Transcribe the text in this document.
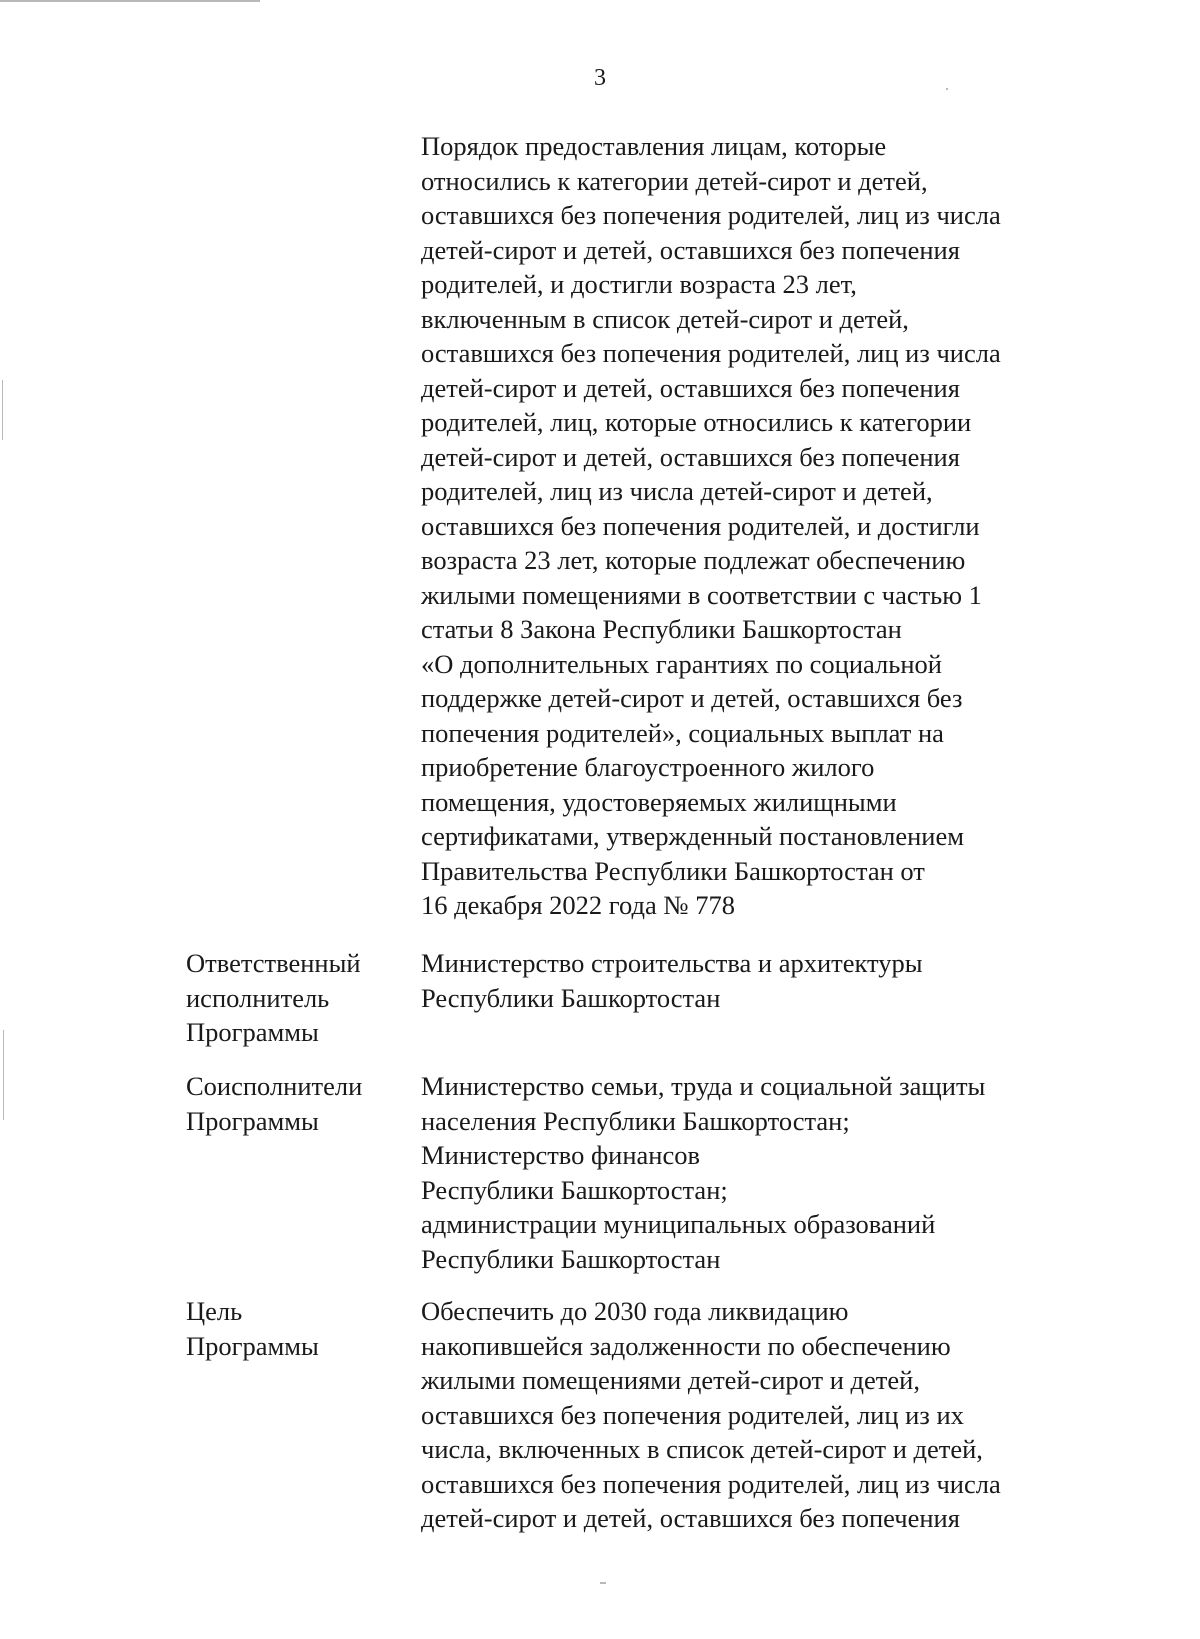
3
Порядок предоставления лицам, которые
относились к категории детей-сирот и детей,
оставшихся без попечения родителей, лиц из числа
детей-сирот и детей, оставшихся без попечения
родителей, и достигли возраста 23 лет,
включенным в список детей-сирот и детей,
оставшихся без попечения родителей, лиц из числа
детей-сирот и детей, оставшихся без попечения
родителей, лиц, которые относились к категории
детей-сирот и детей, оставшихся без попечения
родителей, лиц из числа детей-сирот и детей,
оставшихся без попечения родителей, и достигли
возраста 23 лет, которые подлежат обеспечению
жилыми помещениями в соответствии с частью 1
статьи 8 Закона Республики Башкортостан
«О дополнительных гарантиях по социальной
поддержке детей-сирот и детей, оставшихся без
попечения родителей», социальных выплат на
приобретение благоустроенного жилого
помещения, удостоверяемых жилищными
сертификатами, утвержденный постановлением
Правительства Республики Башкортостан от
16 декабря 2022 года № 778
Ответственный
исполнитель
Программы
Министерство строительства и архитектуры
Республики Башкортостан
Соисполнители
Программы
Министерство семьи, труда и социальной защиты
населения Республики Башкортостан;
Министерство финансов
Республики Башкортостан;
администрации муниципальных образований
Республики Башкортостан
Цель
Программы
Обеспечить до 2030 года ликвидацию
накопившейся задолженности по обеспечению
жилыми помещениями детей-сирот и детей,
оставшихся без попечения родителей, лиц из их
числа, включенных в список детей-сирот и детей,
оставшихся без попечения родителей, лиц из числа
детей-сирот и детей, оставшихся без попечения
